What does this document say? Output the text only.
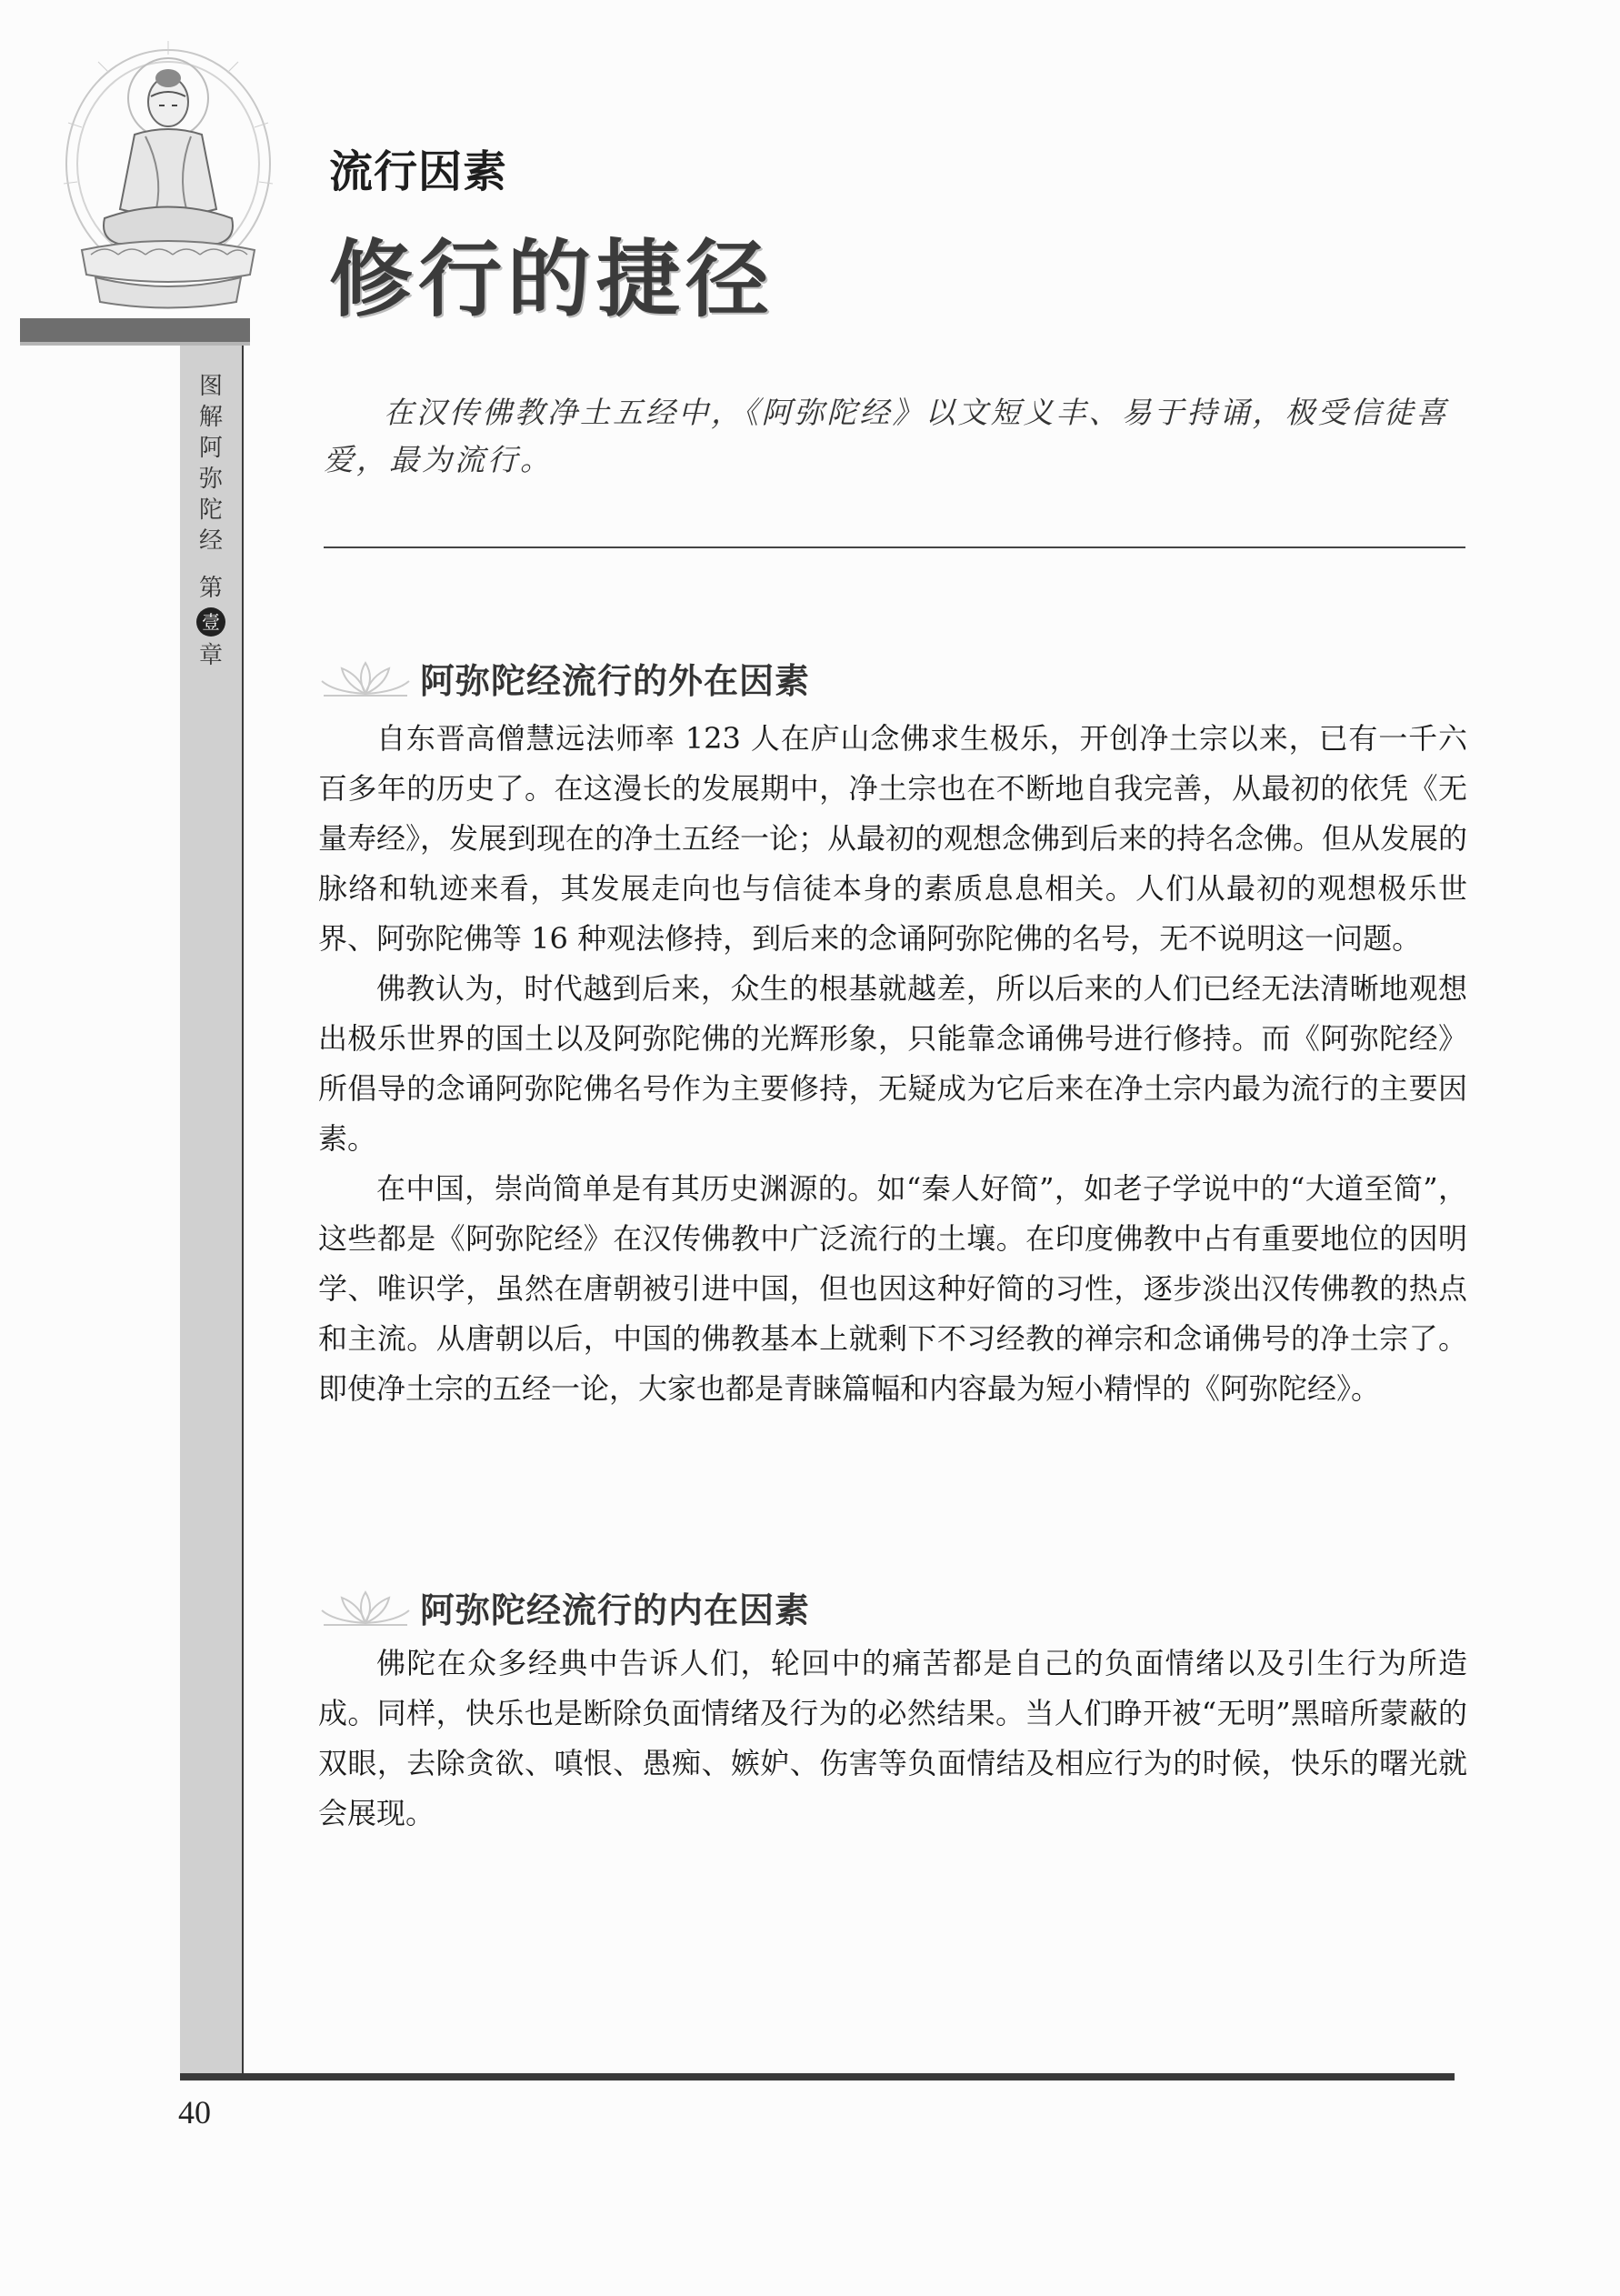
图
解
阿
弥
陀
经
第
壹
章
流行因素
修行的捷径
在汉传佛教净土五经中，《阿弥陀经》以文短义丰、易于持诵，极受信徒喜爱，最为流行。
阿弥陀经流行的外在因素

自东晋高僧慧远法师率 123 人在庐山念佛求生极乐，开创净土宗以来，已有一千六百多年的历史了。在这漫长的发展期中，净土宗也在不断地自我完善，从最初的依凭《无量寿经》，发展到现在的净土五经一论；从最初的观想念佛到后来的持名念佛。但从发展的脉络和轨迹来看，其发展走向也与信徒本身的素质息息相关。人们从最初的观想极乐世界、阿弥陀佛等 16 种观法修持，到后来的念诵阿弥陀佛的名号，无不说明这一问题。

佛教认为，时代越到后来，众生的根基就越差，所以后来的人们已经无法清晰地观想出极乐世界的国土以及阿弥陀佛的光辉形象，只能靠念诵佛号进行修持。而《阿弥陀经》所倡导的念诵阿弥陀佛名号作为主要修持，无疑成为它后来在净土宗内最为流行的主要因素。

在中国，崇尚简单是有其历史渊源的。如“秦人好简”，如老子学说中的“大道至简”，这些都是《阿弥陀经》在汉传佛教中广泛流行的土壤。在印度佛教中占有重要地位的因明学、唯识学，虽然在唐朝被引进中国，但也因这种好简的习性，逐步淡出汉传佛教的热点和主流。从唐朝以后，中国的佛教基本上就剩下不习经教的禅宗和念诵佛号的净土宗了。即使净土宗的五经一论，大家也都是青睐篇幅和内容最为短小精悍的《阿弥陀经》。

阿弥陀经流行的内在因素

佛陀在众多经典中告诉人们，轮回中的痛苦都是自己的负面情绪以及引生行为所造成。同样，快乐也是断除负面情绪及行为的必然结果。当人们睁开被“无明”黑暗所蒙蔽的双眼，去除贪欲、嗔恨、愚痴、嫉妒、伤害等负面情结及相应行为的时候，快乐的曙光就会展现。

40
